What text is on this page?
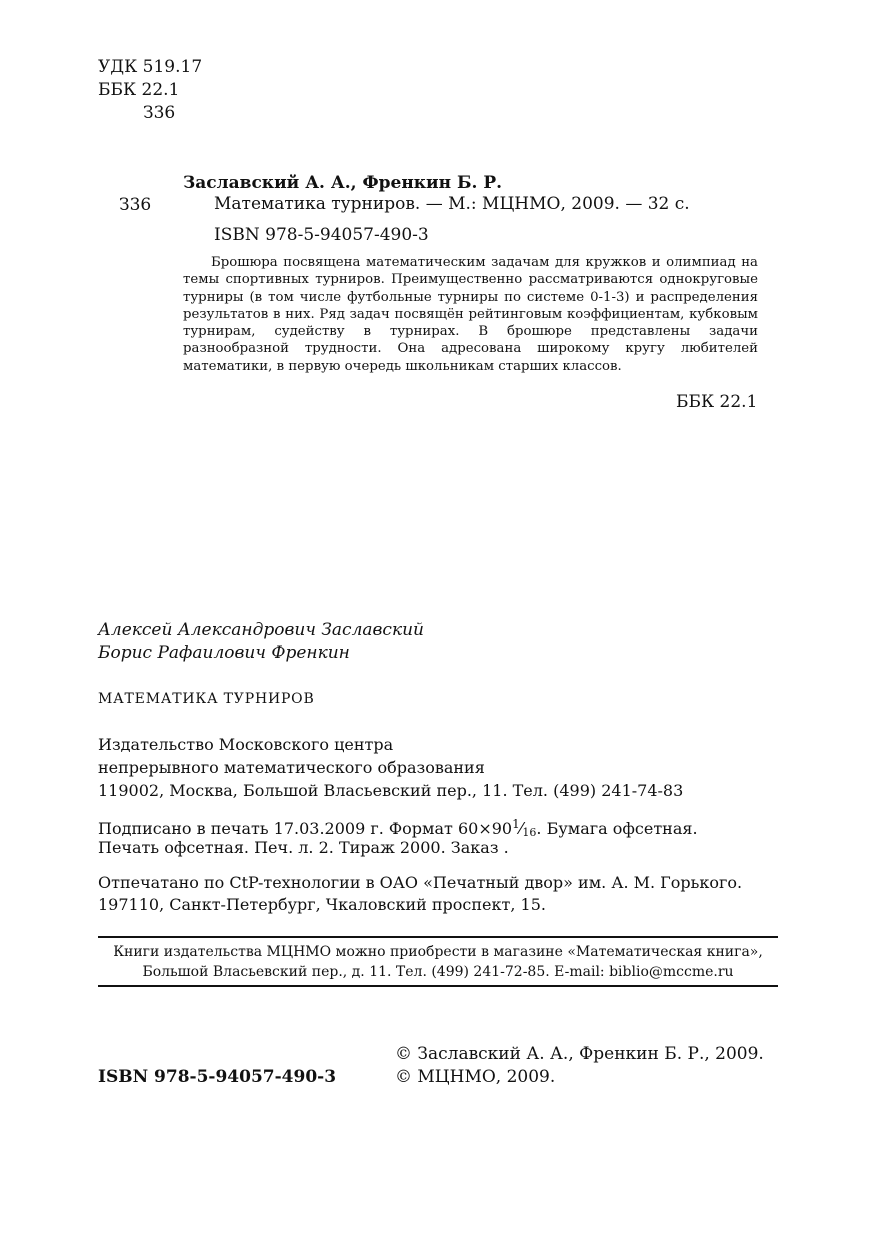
УДК 519.17
ББК 22.1
З36
Заславский А. А., Френкин Б. Р.
З36	Математика турниров. — М.: МЦНМО, 2009. — 32 с.
ISBN 978-5-94057-490-3

Брошюра посвящена математическим задачам для кружков и олимпиад на темы спортивных турниров. Преимущественно рассматриваются однокруговые турниры (в том числе футбольные турниры по системе 0-1-3) и распределения результатов в них. Ряд задач посвящён рейтинговым коэффициентам, кубковым турнирам, судейству в турнирах. В брошюре представлены задачи разнообразной трудности. Она адресована широкому кругу любителей математики, в первую очередь школьникам старших классов.

ББК 22.1
Алексей Александрович Заславский
Борис Рафаилович Френкин
МАТЕМАТИКА ТУРНИРОВ
Издательство Московского центра
непрерывного математического образования
119002, Москва, Большой Власьевский пер., 11. Тел. (499) 241-74-83
Подписано в печать 17.03.2009 г. Формат $60\times 90^1⁄_{16}$. Бумага офсетная.
Печать офсетная. Печ. л. 2. Тираж 2000. Заказ .
Отпечатано по CtP-технологии в ОАО «Печатный двор» им. А. М. Горького.
197110, Санкт-Петербург, Чкаловский проспект, 15.
Книги издательства МЦНМО можно приобрести в магазине «Математическая книга»,
Большой Власьевский пер., д. 11. Тел. (499) 241-72-85. E-mail: biblio@mccme.ru
© Заславский А. А., Френкин Б. Р., 2009.
ISBN 978-5-94057-490-3	© МЦНМО, 2009.
